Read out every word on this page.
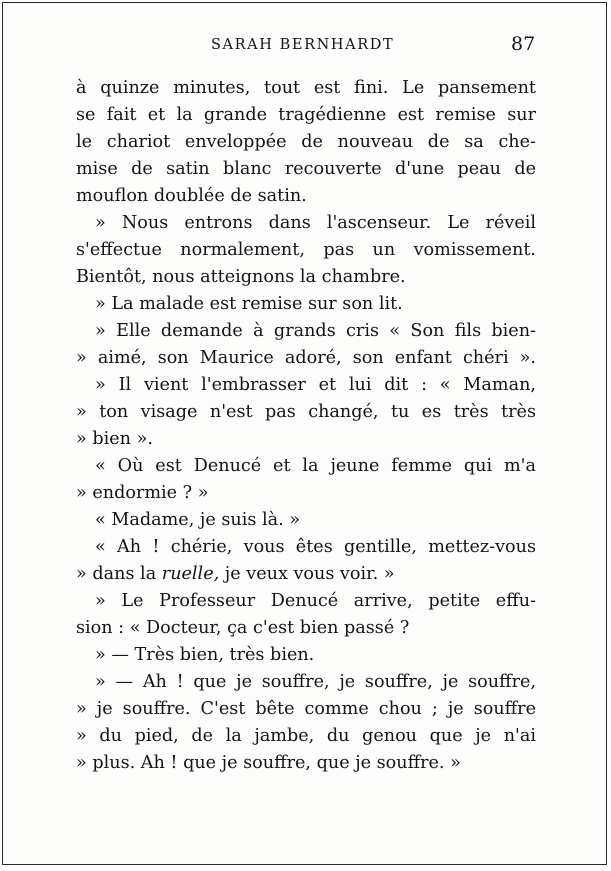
SARAH BERNHARDT	87
à quinze minutes, tout est fini. Le pansement
se fait et la grande tragédienne est remise sur
le chariot enveloppée de nouveau de sa che-
mise de satin blanc recouverte d'une peau de
mouflon doublée de satin.
» Nous entrons dans l'ascenseur. Le réveil
s'effectue normalement, pas un vomissement.
Bientôt, nous atteignons la chambre.
» La malade est remise sur son lit.
» Elle demande à grands cris « Son fils bien-
» aimé, son Maurice adoré, son enfant chéri ».
» Il vient l'embrasser et lui dit : « Maman,
» ton visage n'est pas changé, tu es très très
» bien ».
« Où est Denucé et la jeune femme qui m'a
» endormie ? »
« Madame, je suis là. »
« Ah ! chérie, vous êtes gentille, mettez-vous
» dans la ruelle, je veux vous voir. »
» Le Professeur Denucé arrive, petite effu-
sion : « Docteur, ça c'est bien passé ?
» — Très bien, très bien.
» — Ah ! que je souffre, je souffre, je souffre,
» je souffre. C'est bête comme chou ; je souffre
» du pied, de la jambe, du genou que je n'ai
» plus. Ah ! que je souffre, que je souffre. »
